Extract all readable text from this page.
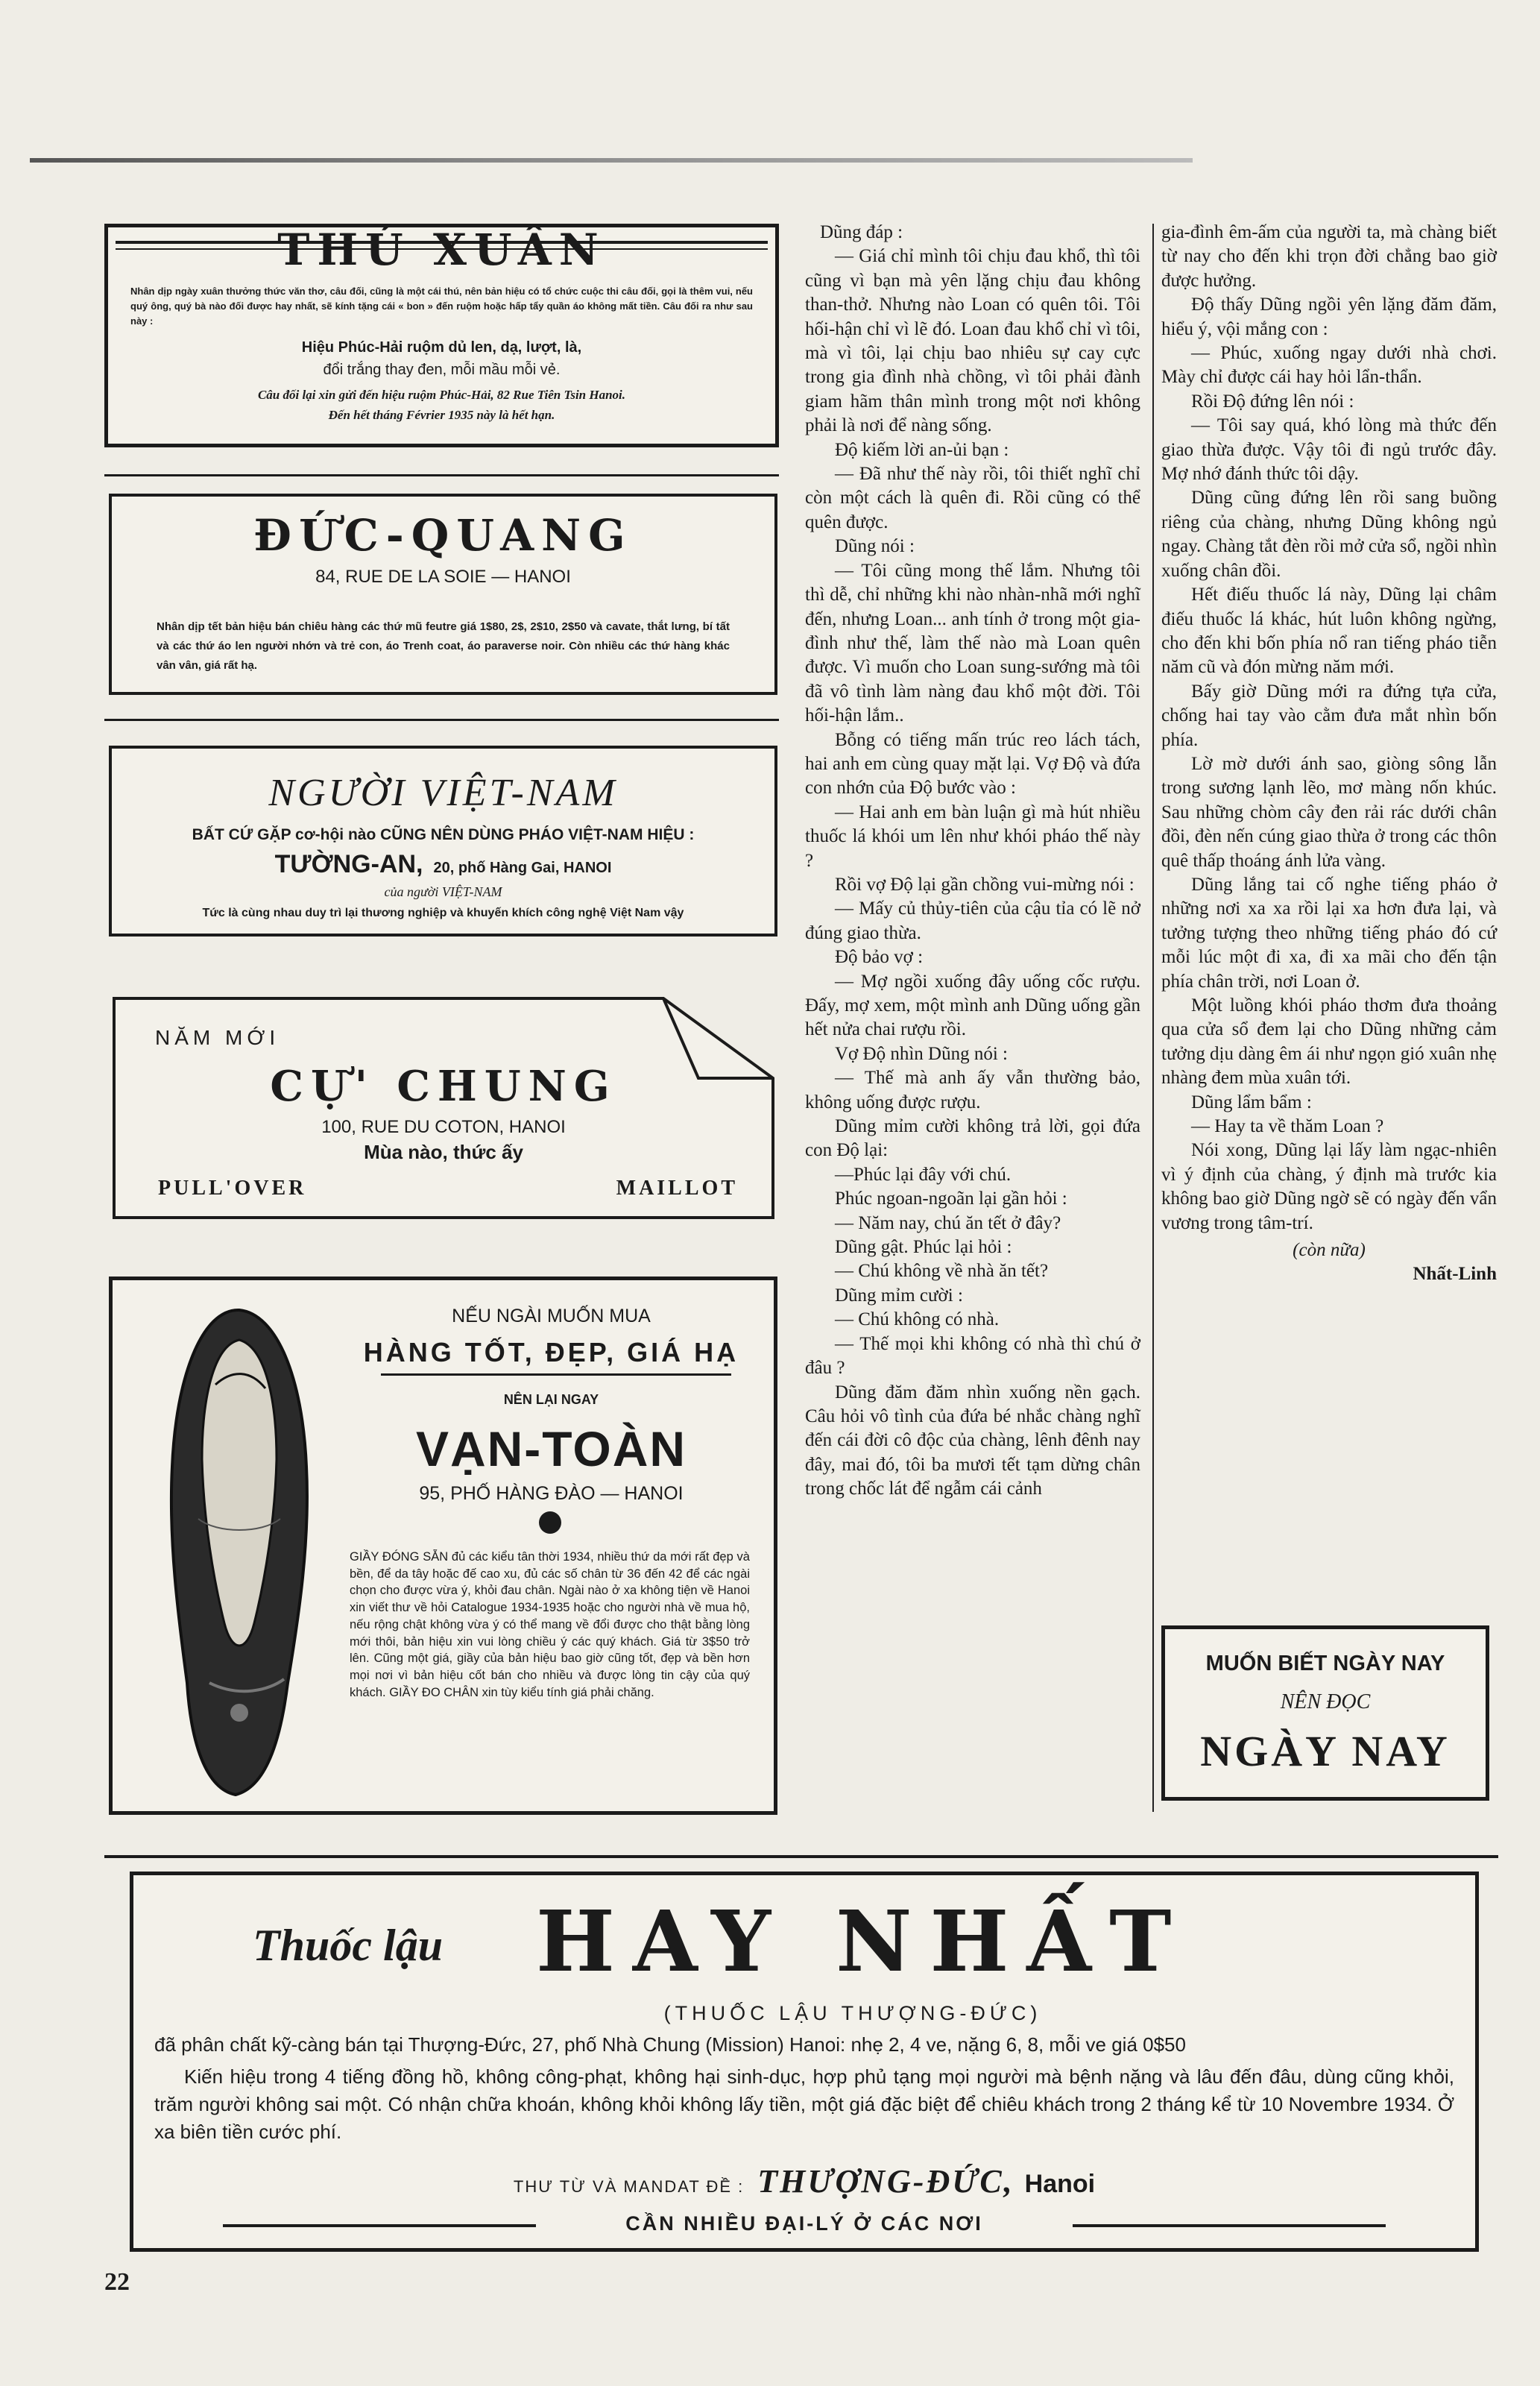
THÚ XUÂN
Nhân dịp ngày xuân thưởng thức văn thơ, câu đối, cũng là một cái thú, nên bản hiệu có tổ chức cuộc thi câu đối, gọi là thêm vui, nếu quý ông, quý bà nào đối được hay nhất, sẽ kính tặng cái « bon » đến ruộm hoặc hấp tẩy quần áo không mất tiền. Câu đối ra như sau này :
Hiệu Phúc-Hải ruộm dủ len, dạ, lượt, là,
đổi trắng thay đen, mỗi mầu mỗi vẻ.
Câu đối lại xin gửi đến hiệu ruộm Phúc-Hải, 82 Rue Tiên Tsin Hanoi.
Đến hết tháng Février 1935 này là hết hạn.
ĐỨC-QUANG
84, RUE DE LA SOIE — HANOI
Nhân dịp tết bản hiệu bán chiêu hàng các thứ mũ feutre giá 1$80, 2$, 2$10, 2$50 và cavate, thắt lưng, bí tất và các thứ áo len người nhớn và trẻ con, áo Trenh coat, áo paraverse noir. Còn nhiều các thứ hàng khác vân vân, giá rất hạ.
NGƯỜI VIỆT-NAM
BẤT CỨ GẶP cơ-hội nào CŨNG NÊN DÙNG PHÁO VIỆT-NAM HIỆU :
TƯỜNG-AN, 20, phố Hàng Gai, HANOI
của người VIỆT-NAM
Tức là cùng nhau duy trì lại thương nghiệp và khuyến khích công nghệ Việt Nam vậy
NĂM MỚI
CỰ' CHUNG
100, RUE DU COTON, HANOI
Mùa nào, thức ấy
PULL'OVER	MAILLOT
NẾU NGÀI MUỐN MUA
HÀNG TỐT, ĐẸP, GIÁ HẠ
NÊN LẠI NGAY
VẠN-TOÀN
95, PHỐ HÀNG ĐÀO — HANOI
GIẦY ĐÓNG SẴN đủ các kiểu tân thời 1934, nhiều thứ da mới rất đẹp và bền, để da tây hoặc đế cao xu, đủ các số chân từ 36 đến 42 để các ngài chọn cho được vừa ý, khỏi đau chân. Ngài nào ở xa không tiện về Hanoi xin viết thư về hỏi Catalogue 1934-1935 hoặc cho người nhà về mua hộ, nếu rộng chật không vừa ý có thể mang về đổi được cho thật bằng lòng mới thôi, bản hiệu xin vui lòng chiều ý các quý khách. Giá từ 3$50 trở lên. Cũng một giá, giầy của bản hiệu bao giờ cũng tốt, đẹp và bền hơn mọi nơi vì bản hiệu cốt bán cho nhiều và được lòng tin cậy của quý khách. GIẦY ĐO CHÂN xin tùy kiểu tính giá phải chăng.

Dũng đáp :

— Giá chỉ mình tôi chịu đau khổ, thì tôi cũng vì bạn mà yên lặng chịu đau không than-thở. Nhưng nào Loan có quên tôi. Tôi hối-hận chỉ vì lẽ đó. Loan đau khổ chỉ vì tôi, mà vì tôi, lại chịu bao nhiêu sự cay cực trong gia đình nhà chồng, vì tôi phải đành giam hãm thân mình trong một nơi không phải là nơi để nàng sống.

Độ kiếm lời an-ủi bạn :

— Đã như thế này rồi, tôi thiết nghĩ chỉ còn một cách là quên đi. Rồi cũng có thể quên được.

Dũng nói :

— Tôi cũng mong thế lắm. Nhưng tôi thì dễ, chỉ những khi nào nhàn-nhã mới nghĩ đến, nhưng Loan... anh tính ở trong một gia-đình như thế, làm thế nào mà Loan quên được. Vì muốn cho Loan sung-sướng mà tôi đã vô tình làm nàng đau khổ một đời. Tôi hối-hận lắm..

Bỗng có tiếng mấn trúc reo lách tách, hai anh em cùng quay mặt lại. Vợ Độ và đứa con nhớn của Độ bước vào :

— Hai anh em bàn luận gì mà hút nhiều thuốc lá khói um lên như khói pháo thế này ?

Rồi vợ Độ lại gần chồng vui-mừng nói :

— Mấy củ thủy-tiên của cậu tỉa có lẽ nở đúng giao thừa.

Độ bảo vợ :

— Mợ ngồi xuống đây uống cốc rượu. Đấy, mợ xem, một mình anh Dũng uống gần hết nửa chai rượu rồi.

Vợ Độ nhìn Dũng nói :

— Thế mà anh ấy vẫn thường bảo, không uống được rượu.

Dũng mỉm cười không trả lời, gọi đứa con Độ lại:

—Phúc lại đây với chú.

Phúc ngoan-ngoãn lại gần hỏi :

— Năm nay, chú ăn tết ở đây?

Dũng gật. Phúc lại hỏi :

— Chú không về nhà ăn tết?

Dũng mỉm cười :

— Chú không có nhà.

— Thế mọi khi không có nhà thì chú ở đâu ?

Dũng đăm đăm nhìn xuống nền gạch. Câu hỏi vô tình của đứa bé nhắc chàng nghĩ đến cái đời cô độc của chàng, lênh đênh nay đây, mai đó, tôi ba mươi tết tạm dừng chân trong chốc lát để ngẫm cái cảnh

gia-đình êm-ấm của người ta, mà chàng biết từ nay cho đến khi trọn đời chẳng bao giờ được hưởng.

Độ thấy Dũng ngồi yên lặng đăm đăm, hiểu ý, vội mắng con :

— Phúc, xuống ngay dưới nhà chơi. Mày chỉ được cái hay hỏi lẩn-thẩn.

Rồi Độ đứng lên nói :

— Tôi say quá, khó lòng mà thức đến giao thừa được. Vậy tôi đi ngủ trước đây. Mợ nhớ đánh thức tôi dậy.

Dũng cũng đứng lên rồi sang buồng riêng của chàng, nhưng Dũng không ngủ ngay. Chàng tắt đèn rồi mở cửa sổ, ngồi nhìn xuống chân đồi.

Hết điếu thuốc lá này, Dũng lại châm điếu thuốc lá khác, hút luôn không ngừng, cho đến khi bốn phía nổ ran tiếng pháo tiễn năm cũ và đón mừng năm mới.

Bấy giờ Dũng mới ra đứng tựa cửa, chống hai tay vào cằm đưa mắt nhìn bốn phía.

Lờ mờ dưới ánh sao, giòng sông lẫn trong sương lạnh lẽo, mơ màng nốn khúc. Sau những chòm cây đen rải rác dưới chân đồi, đèn nến cúng giao thừa ở trong các thôn quê thấp thoáng ánh lửa vàng.

Dũng lắng tai cố nghe tiếng pháo ở những nơi xa xa rồi lại xa hơn đưa lại, và tưởng tượng theo những tiếng pháo đó cứ mỗi lúc một đi xa, đi xa mãi cho đến tận phía chân trời, nơi Loan ở.

Một luồng khói pháo thơm đưa thoảng qua cửa sổ đem lại cho Dũng những cảm tưởng dịu dàng êm ái như ngọn gió xuân nhẹ nhàng đem mùa xuân tới.

Dũng lẩm bẩm :

— Hay ta về thăm Loan ?

Nói xong, Dũng lại lấy làm ngạc-nhiên vì ý định của chàng, ý định mà trước kia không bao giờ Dũng ngờ sẽ có ngày đến vẩn vương trong tâm-trí.

(còn nữa)

Nhất-Linh

MUỐN BIẾT NGÀY NAY
NÊN ĐỌC
NGÀY NAY
Thuốc lậu HAY NHẤT
(THUỐC LẬU THƯỢNG-ĐỨC)
đã phân chất kỹ-càng bán tại Thượng-Đức, 27, phố Nhà Chung (Mission) Hanoi: nhẹ 2, 4 ve, nặng 6, 8, mỗi ve giá 0$50
Kiến hiệu trong 4 tiếng đồng hồ, không công-phạt, không hại sinh-dục, hợp phủ tạng mọi người mà bệnh nặng và lâu đến đâu, dùng cũng khỏi, trăm người không sai một. Có nhận chữa khoán, không khỏi không lấy tiền, một giá đặc biệt để chiêu khách trong 2 tháng kể từ 10 Novembre 1934. Ở xa biên tiền cước phí.
THƯ TỪ VÀ MANDAT ĐỀ : THƯỢNG-ĐỨC, Hanoi
CẦN NHIỀU ĐẠI-LÝ Ở CÁC NƠI
22
